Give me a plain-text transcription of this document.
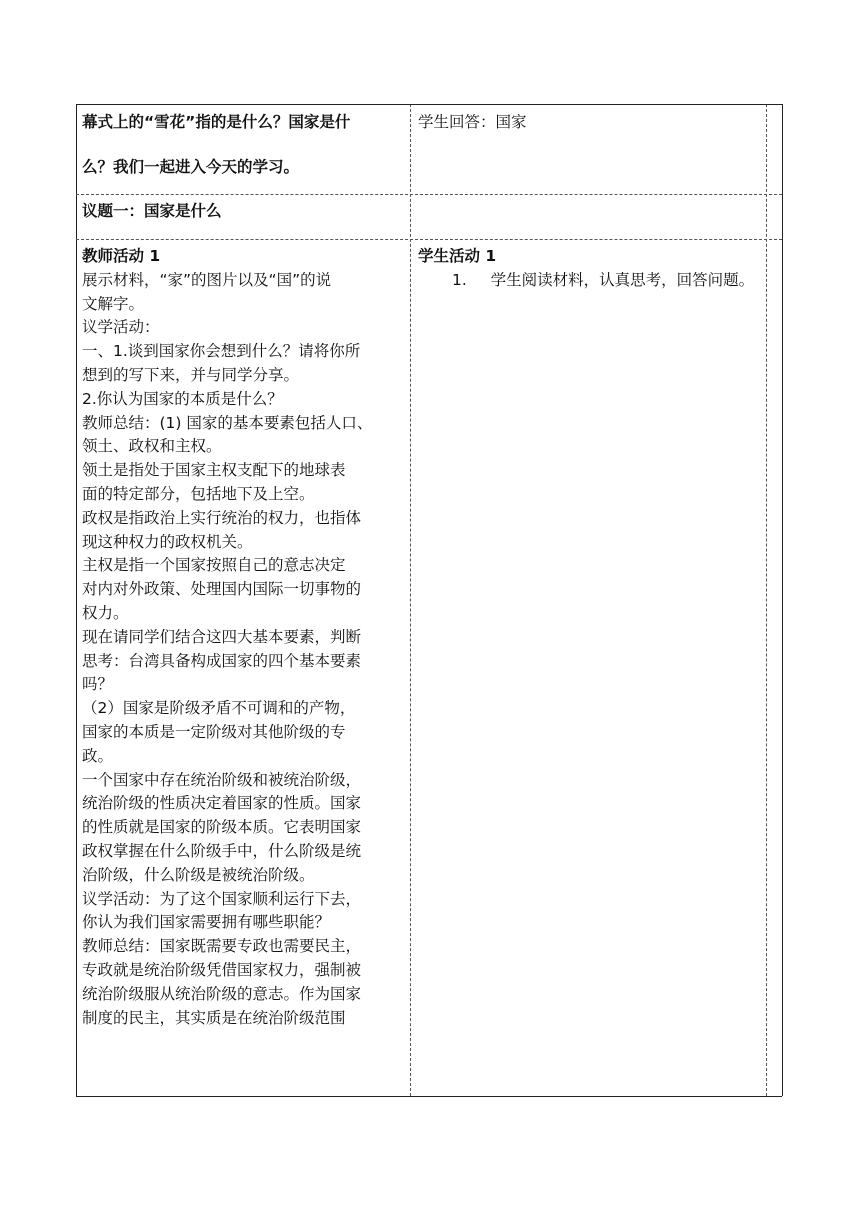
幕式上的“雪花”指的是什么？国家是什

么？我们一起进入今天的学习。

学生回答：国家

议题一：国家是什么

教师活动 1

展示材料，“家”的图片以及“国”的说

文解字。

议学活动：

一、1.谈到国家你会想到什么？请将你所

想到的写下来，并与同学分享。

2.你认为国家的本质是什么？

教师总结：(1) 国家的基本要素包括人口、

领土、政权和主权。

领土是指处于国家主权支配下的地球表

面的特定部分，包括地下及上空。

政权是指政治上实行统治的权力，也指体

现这种权力的政权机关。

主权是指一个国家按照自己的意志决定

对内对外政策、处理国内国际一切事物的

权力。

现在请同学们结合这四大基本要素，判断

思考：台湾具备构成国家的四个基本要素

吗？

（2）国家是阶级矛盾不可调和的产物，

国家的本质是一定阶级对其他阶级的专

政。

一个国家中存在统治阶级和被统治阶级，

统治阶级的性质决定着国家的性质。国家

的性质就是国家的阶级本质。它表明国家

政权掌握在什么阶级手中，什么阶级是统

治阶级，什么阶级是被统治阶级。

议学活动：为了这个国家顺利运行下去，

你认为我们国家需要拥有哪些职能？

教师总结：国家既需要专政也需要民主，

专政就是统治阶级凭借国家权力，强制被

统治阶级服从统治阶级的意志。作为国家

制度的民主，其实质是在统治阶级范围

学生活动 1

1. 学生阅读材料，认真思考，回答问题。
